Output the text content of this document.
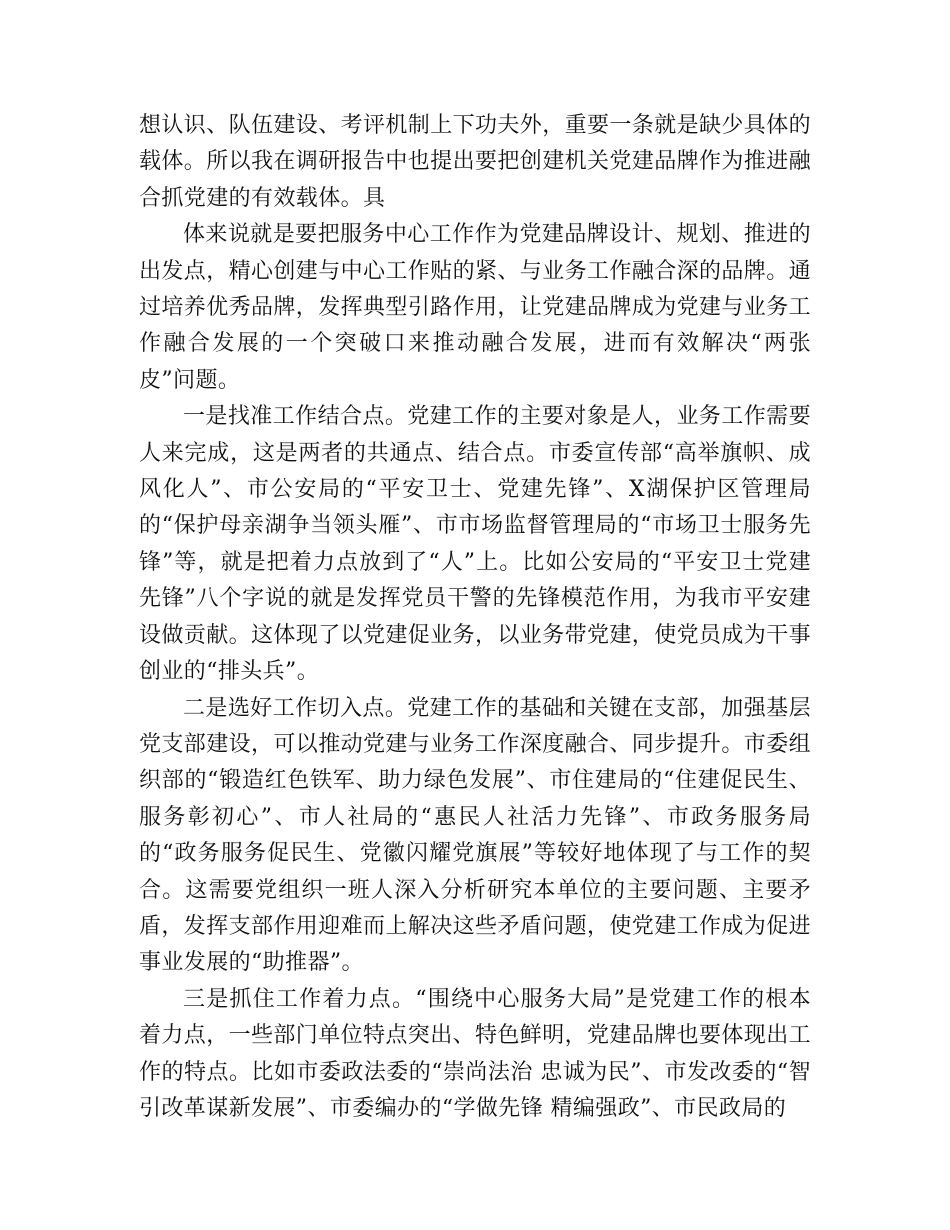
想认识、队伍建设、考评机制上下功夫外，重要一条就是缺少具体的载体。所以我在调研报告中也提出要把创建机关党建品牌作为推进融合抓党建的有效载体。具

体来说就是要把服务中心工作作为党建品牌设计、规划、推进的出发点，精心创建与中心工作贴的紧、与业务工作融合深的品牌。通过培养优秀品牌，发挥典型引路作用，让党建品牌成为党建与业务工作融合发展的一个突破口来推动融合发展，进而有效解决“两张皮”问题。

一是找准工作结合点。党建工作的主要对象是人，业务工作需要人来完成，这是两者的共通点、结合点。市委宣传部“高举旗帜、成风化人”、市公安局的“平安卫士、党建先锋”、X湖保护区管理局的“保护母亲湖争当领头雁”、市市场监督管理局的“市场卫士服务先锋”等，就是把着力点放到了“人”上。比如公安局的“平安卫士党建先锋”八个字说的就是发挥党员干警的先锋模范作用，为我市平安建设做贡献。这体现了以党建促业务，以业务带党建，使党员成为干事创业的“排头兵”。

二是选好工作切入点。党建工作的基础和关键在支部，加强基层党支部建设，可以推动党建与业务工作深度融合、同步提升。市委组织部的“锻造红色铁军、助力绿色发展”、市住建局的“住建促民生、服务彰初心”、市人社局的“惠民人社活力先锋”、市政务服务局的“政务服务促民生、党徽闪耀党旗展”等较好地体现了与工作的契合。这需要党组织一班人深入分析研究本单位的主要问题、主要矛盾，发挥支部作用迎难而上解决这些矛盾问题，使党建工作成为促进事业发展的“助推器”。

三是抓住工作着力点。“围绕中心服务大局”是党建工作的根本着力点，一些部门单位特点突出、特色鲜明，党建品牌也要体现出工作的特点。比如市委政法委的“崇尚法治 忠诚为民”、市发改委的“智引改革谋新发展”、市委编办的“学做先锋 精编强政”、市民政局的
